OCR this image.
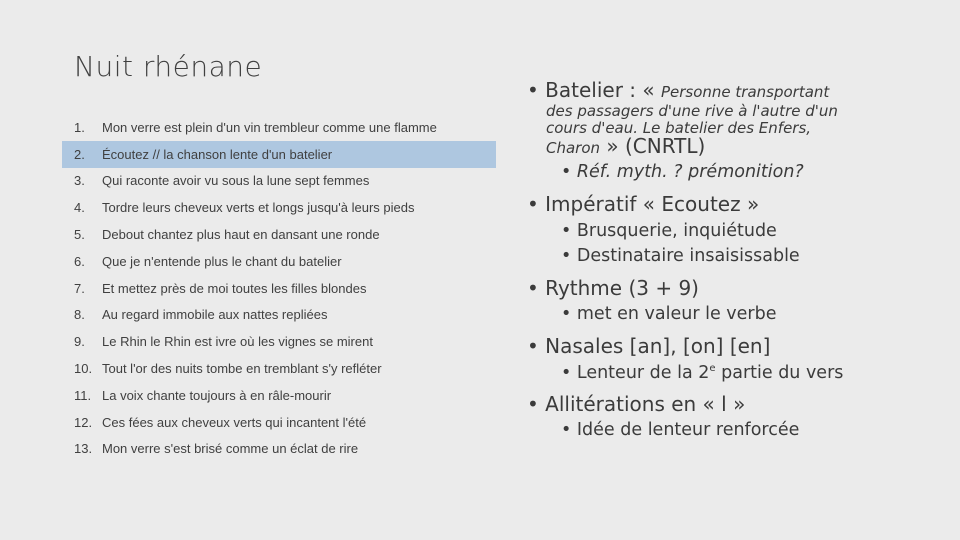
Nuit rhénane
1.	Mon verre est plein d'un vin trembleur comme une flamme
2.	Écoutez // la chanson lente d'un batelier
3.	Qui raconte avoir vu sous la lune sept femmes
4.	Tordre leurs cheveux verts et longs jusqu'à leurs pieds
5.	Debout chantez plus haut en dansant une ronde
6.	Que je n'entende plus le chant du batelier
7.	Et mettez près de moi toutes les filles blondes
8.	Au regard immobile aux nattes repliées
9.	Le Rhin le Rhin est ivre où les vignes se mirent
10. Tout l'or des nuits tombe en tremblant s'y refléter
11. La voix chante toujours à en râle-mourir
12. Ces fées aux cheveux verts qui incantent l'été
13. Mon verre s'est brisé comme un éclat de rire
• Batelier : « Personne transportant
des passagers d'une rive à l'autre d'un
cours d'eau. Le batelier des Enfers,
Charon » (CNRTL)
• Réf. myth. ? prémonition?
• Impératif « Ecoutez »
• Brusquerie, inquiétude
• Destinataire insaisissable
• Rythme (3 + 9)
• met en valeur le verbe
• Nasales [an], [on] [en]
• Lenteur de la 2e partie du vers
• Allitérations en « l »
• Idée de lenteur renforcée
